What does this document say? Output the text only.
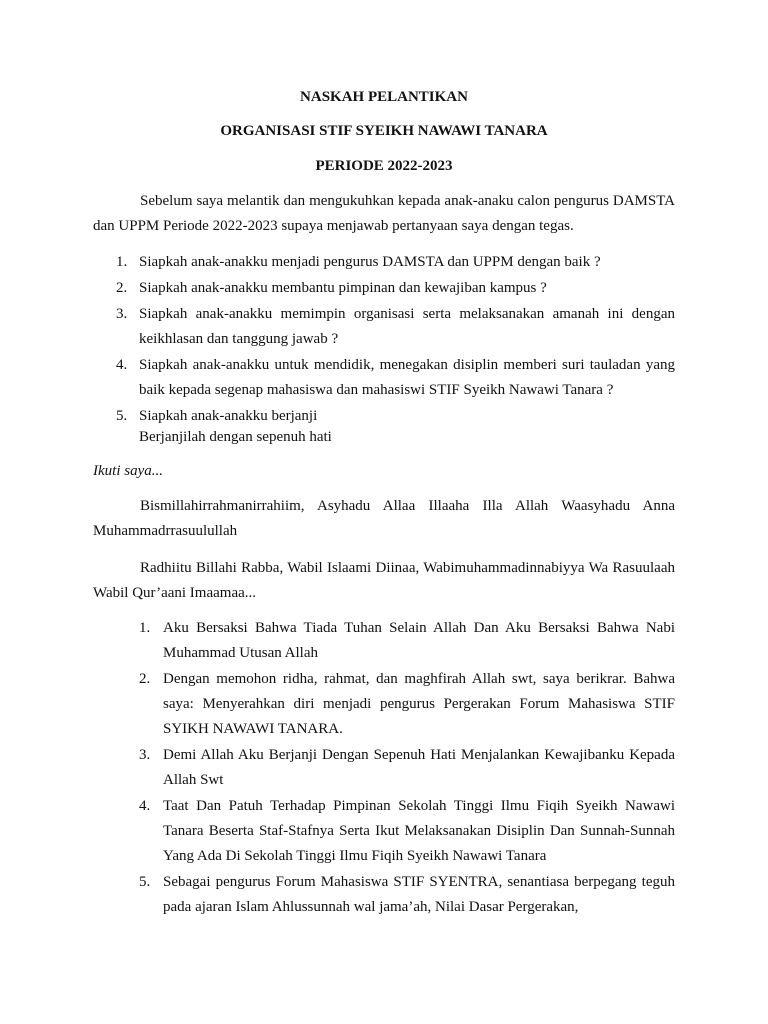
NASKAH PELANTIKAN

ORGANISASI STIF SYEIKH NAWAWI TANARA

PERIODE 2022-2023

Sebelum saya melantik dan mengukuhkan kepada anak-anaku calon pengurus DAMSTA dan UPPM Periode 2022-2023 supaya menjawab pertanyaan saya dengan tegas.

1. Siapkah anak-anakku menjadi pengurus DAMSTA dan UPPM dengan baik ?
2. Siapkah anak-anakku membantu pimpinan dan kewajiban kampus ?
3. Siapkah anak-anakku memimpin organisasi serta melaksanakan amanah ini dengan keikhlasan dan tanggung jawab ?
4. Siapkah anak-anakku untuk mendidik, menegakan disiplin memberi suri tauladan yang baik kepada segenap mahasiswa dan mahasiswi STIF Syeikh Nawawi Tanara ?
5. Siapkah anak-anakku berjanji

Berjanjilah dengan sepenuh hati

Ikuti saya...

Bismillahirrahmanirrahiim, Asyhadu Allaa Illaaha Illa Allah Waasyhadu Anna Muhammadrrasuulullah

Radhiitu Billahi Rabba, Wabil Islaami Diinaa, Wabimuhammadinnabiyya Wa Rasuulaah Wabil Qur’aani Imaamaa...

1. Aku Bersaksi Bahwa Tiada Tuhan Selain Allah Dan Aku Bersaksi Bahwa Nabi Muhammad Utusan Allah
2. Dengan memohon ridha, rahmat, dan maghfirah Allah swt, saya berikrar. Bahwa saya: Menyerahkan diri menjadi pengurus Pergerakan Forum Mahasiswa STIF SYIKH NAWAWI TANARA.
3. Demi Allah Aku Berjanji Dengan Sepenuh Hati Menjalankan Kewajibanku Kepada Allah Swt
4. Taat Dan Patuh Terhadap Pimpinan Sekolah Tinggi Ilmu Fiqih Syeikh Nawawi Tanara Beserta Staf-Stafnya Serta Ikut Melaksanakan Disiplin Dan Sunnah-Sunnah Yang Ada Di Sekolah Tinggi Ilmu Fiqih Syeikh Nawawi Tanara
5. Sebagai pengurus Forum Mahasiswa STIF SYENTRA, senantiasa berpegang teguh pada ajaran Islam Ahlussunnah wal jama’ah, Nilai Dasar Pergerakan,
